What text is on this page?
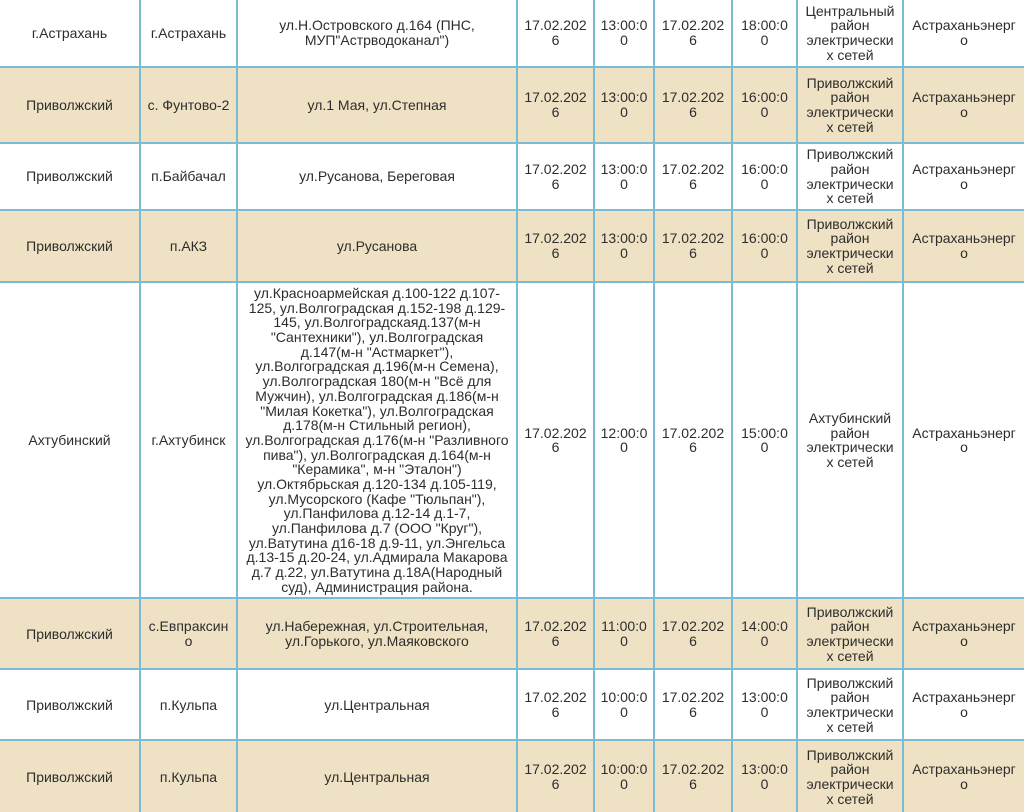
г.Астрахань	г.Астрахань	ул.Н.Островского д.164 (ПНС, МУП"Астрводоканал")	17.02.2026	13:00:00	17.02.2026	18:00:00	Центральный район электрических сетей	Астраханьэнерго
Приволжский	с. Фунтово-2	ул.1 Мая, ул.Степная	17.02.2026	13:00:00	17.02.2026	16:00:00	Приволжский район электрических сетей	Астраханьэнерго
Приволжский	п.Байбачал	ул.Русанова, Береговая	17.02.2026	13:00:00	17.02.2026	16:00:00	Приволжский район электрических сетей	Астраханьэнерго
Приволжский	п.АКЗ	ул.Русанова	17.02.2026	13:00:00	17.02.2026	16:00:00	Приволжский район электрических сетей	Астраханьэнерго
Ахтубинский	г.Ахтубинск	ул.Красноармейская д.100-122 д.107-125, ул.Волгоградская д.152-198 д.129-145, ул.Волгоградскаяд.137(м-н "Сантехники"), ул.Волгоградская д.147(м-н "Астмаркет"), ул.Волгоградская д.196(м-н Семена), ул.Волгоградская 180(м-н "Всё для Мужчин), ул.Волгоградская д.186(м-н "Милая Кокетка"), ул.Волгоградская д.178(м-н Стильный регион), ул.Волгоградская д.176(м-н "Разливного пива"), ул.Волгоградская д.164(м-н "Керамика", м-н "Эталон") ул.Октябрьская д.120-134 д.105-119, ул.Мусорского (Кафе "Тюльпан"), ул.Панфилова д.12-14 д.1-7, ул.Панфилова д.7 (ООО "Круг"), ул.Ватутина д16-18 д.9-11, ул.Энгельса д.13-15 д.20-24, ул.Адмирала Макарова д.7 д.22, ул.Ватутина д.18А(Народный суд), Администрация района.	17.02.2026	12:00:00	17.02.2026	15:00:00	Ахтубинский район электрических сетей	Астраханьэнерго
Приволжский	с.Евпраксино	ул.Набережная, ул.Строительная, ул.Горького, ул.Маяковского	17.02.2026	11:00:00	17.02.2026	14:00:00	Приволжский район электрических сетей	Астраханьэнерго
Приволжский	п.Кульпа	ул.Центральная	17.02.2026	10:00:00	17.02.2026	13:00:00	Приволжский район электрических сетей	Астраханьэнерго
Приволжский	п.Кульпа	ул.Центральная	17.02.2026	10:00:00	17.02.2026	13:00:00	Приволжский район электрических сетей	Астраханьэнерго
